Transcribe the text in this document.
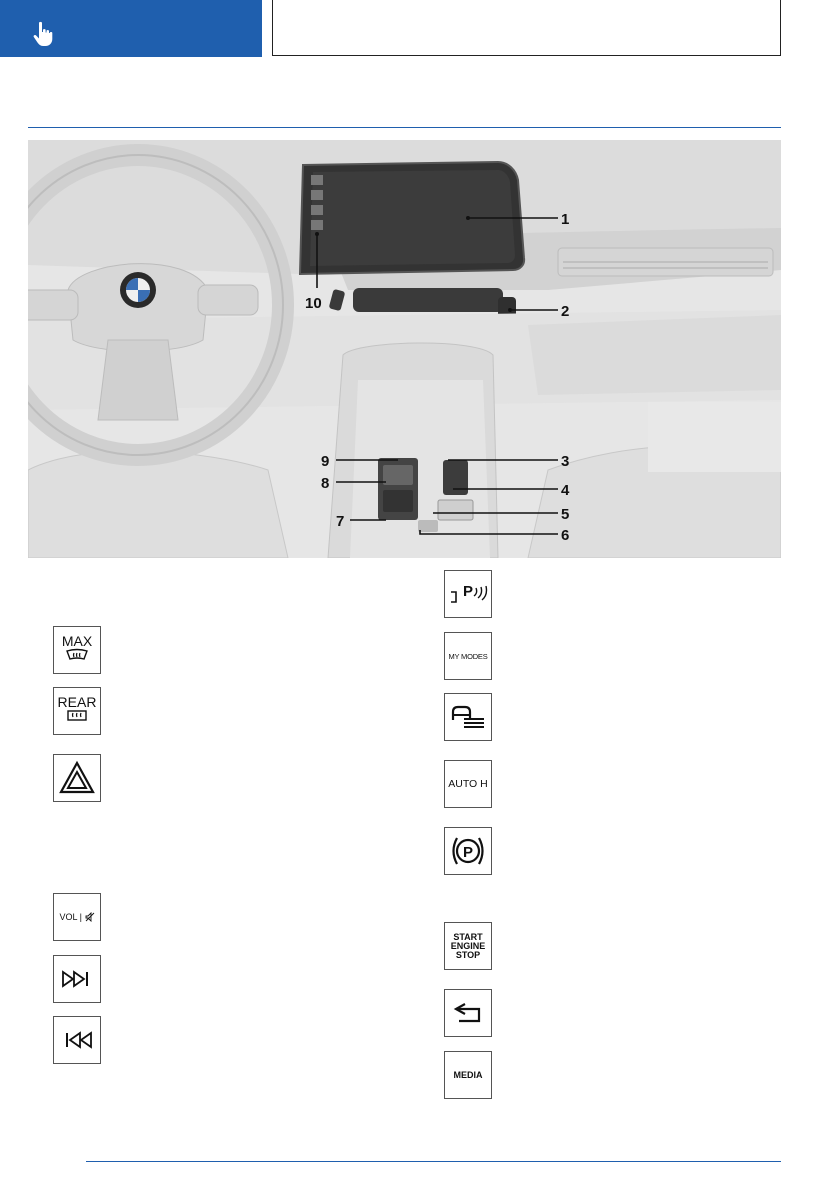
1
2
3
4
5
6
7
8
9
10
MAX
REAR
VOL |
P
MY MODES
AUTO H
P
START
ENGINE
STOP
MEDIA
